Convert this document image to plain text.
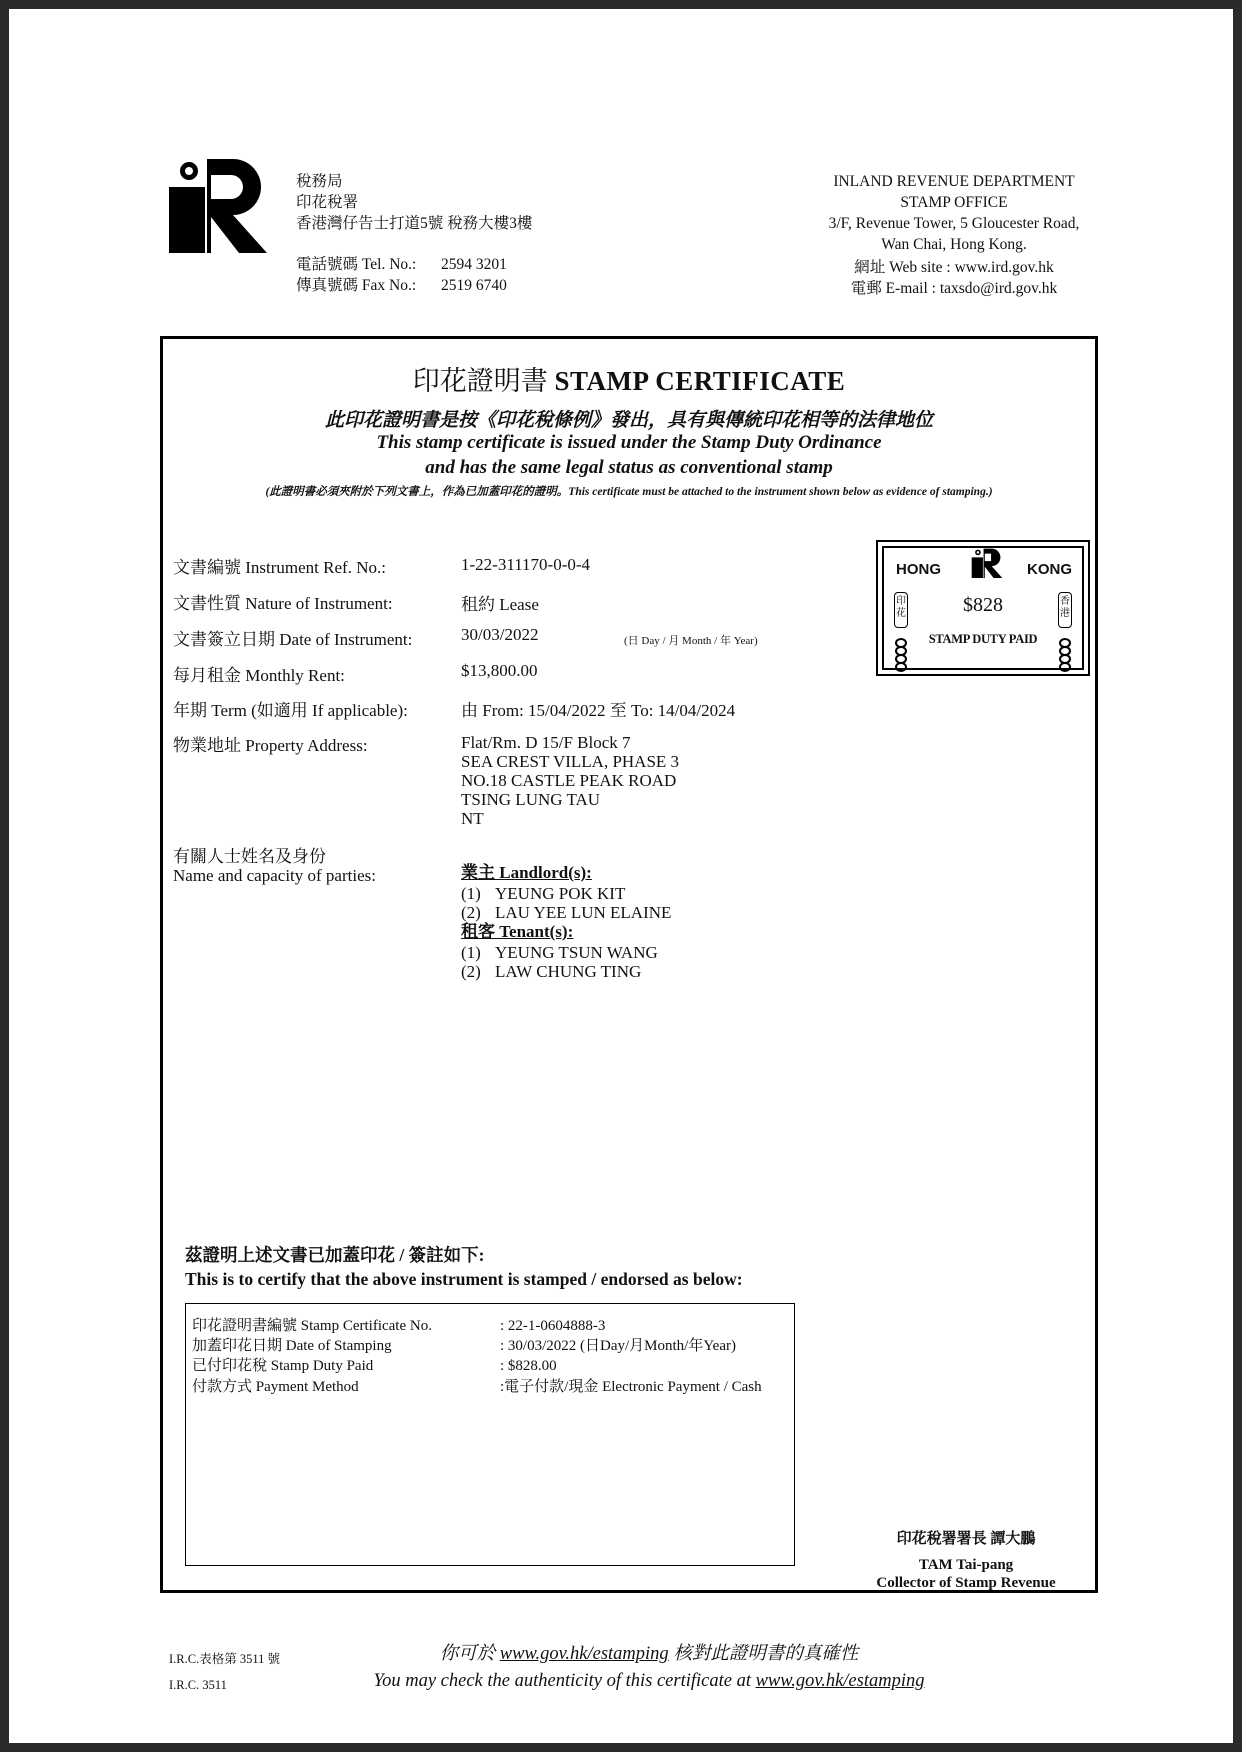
稅務局
印花稅署
香港灣仔告士打道5號 稅務大樓3樓
電話號碼 Tel. No.: 2594 3201
傳真號碼 Fax No.: 2519 6740
INLAND REVENUE DEPARTMENT
STAMP OFFICE
3/F, Revenue Tower, 5 Gloucester Road,
Wan Chai, Hong Kong.
網址 Web site : www.ird.gov.hk
電郵 E-mail : taxsdo@ird.gov.hk
印花證明書 STAMP CERTIFICATE
此印花證明書是按《印花稅條例》發出，具有與傳統印花相等的法律地位
This stamp certificate is issued under the Stamp Duty Ordinance
and has the same legal status as conventional stamp
(此證明書必須夾附於下列文書上，作為已加蓋印花的證明。This certificate must be attached to the instrument shown below as evidence of stamping.)
文書編號 Instrument Ref. No.:	1-22-311170-0-0-4
文書性質 Nature of Instrument:	租約 Lease
文書簽立日期 Date of Instrument:	30/03/2022	(日 Day / 月 Month / 年 Year)
每月租金 Monthly Rent:	$13,800.00
年期 Term (如適用 If applicable):	由 From: 15/04/2022 至 To: 14/04/2024
物業地址 Property Address:	Flat/Rm. D 15/F Block 7
SEA CREST VILLA, PHASE 3
NO.18 CASTLE PEAK ROAD
TSING LUNG TAU
NT
有關人士姓名及身份
Name and capacity of parties:	業主 Landlord(s):
(1) YEUNG POK KIT
(2) LAU YEE LUN ELAINE
租客 Tenant(s):
(1) YEUNG TSUN WANG
(2) LAW CHUNG TING
HONG	KONG
印花
香港
$828
STAMP DUTY PAID
茲證明上述文書已加蓋印花 / 簽註如下:
This is to certify that the above instrument is stamped / endorsed as below:
印花證明書編號 Stamp Certificate No.	: 22-1-0604888-3
加蓋印花日期 Date of Stamping	: 30/03/2022 (日Day/月Month/年Year)
已付印花稅 Stamp Duty Paid	: $828.00
付款方式 Payment Method	:電子付款/現金 Electronic Payment / Cash
印花稅署署長 譚大鵬
TAM Tai-pang
Collector of Stamp Revenue
I.R.C.表格第 3511 號
I.R.C. 3511
你可於 www.gov.hk/estamping 核對此證明書的真確性
You may check the authenticity of this certificate at www.gov.hk/estamping
